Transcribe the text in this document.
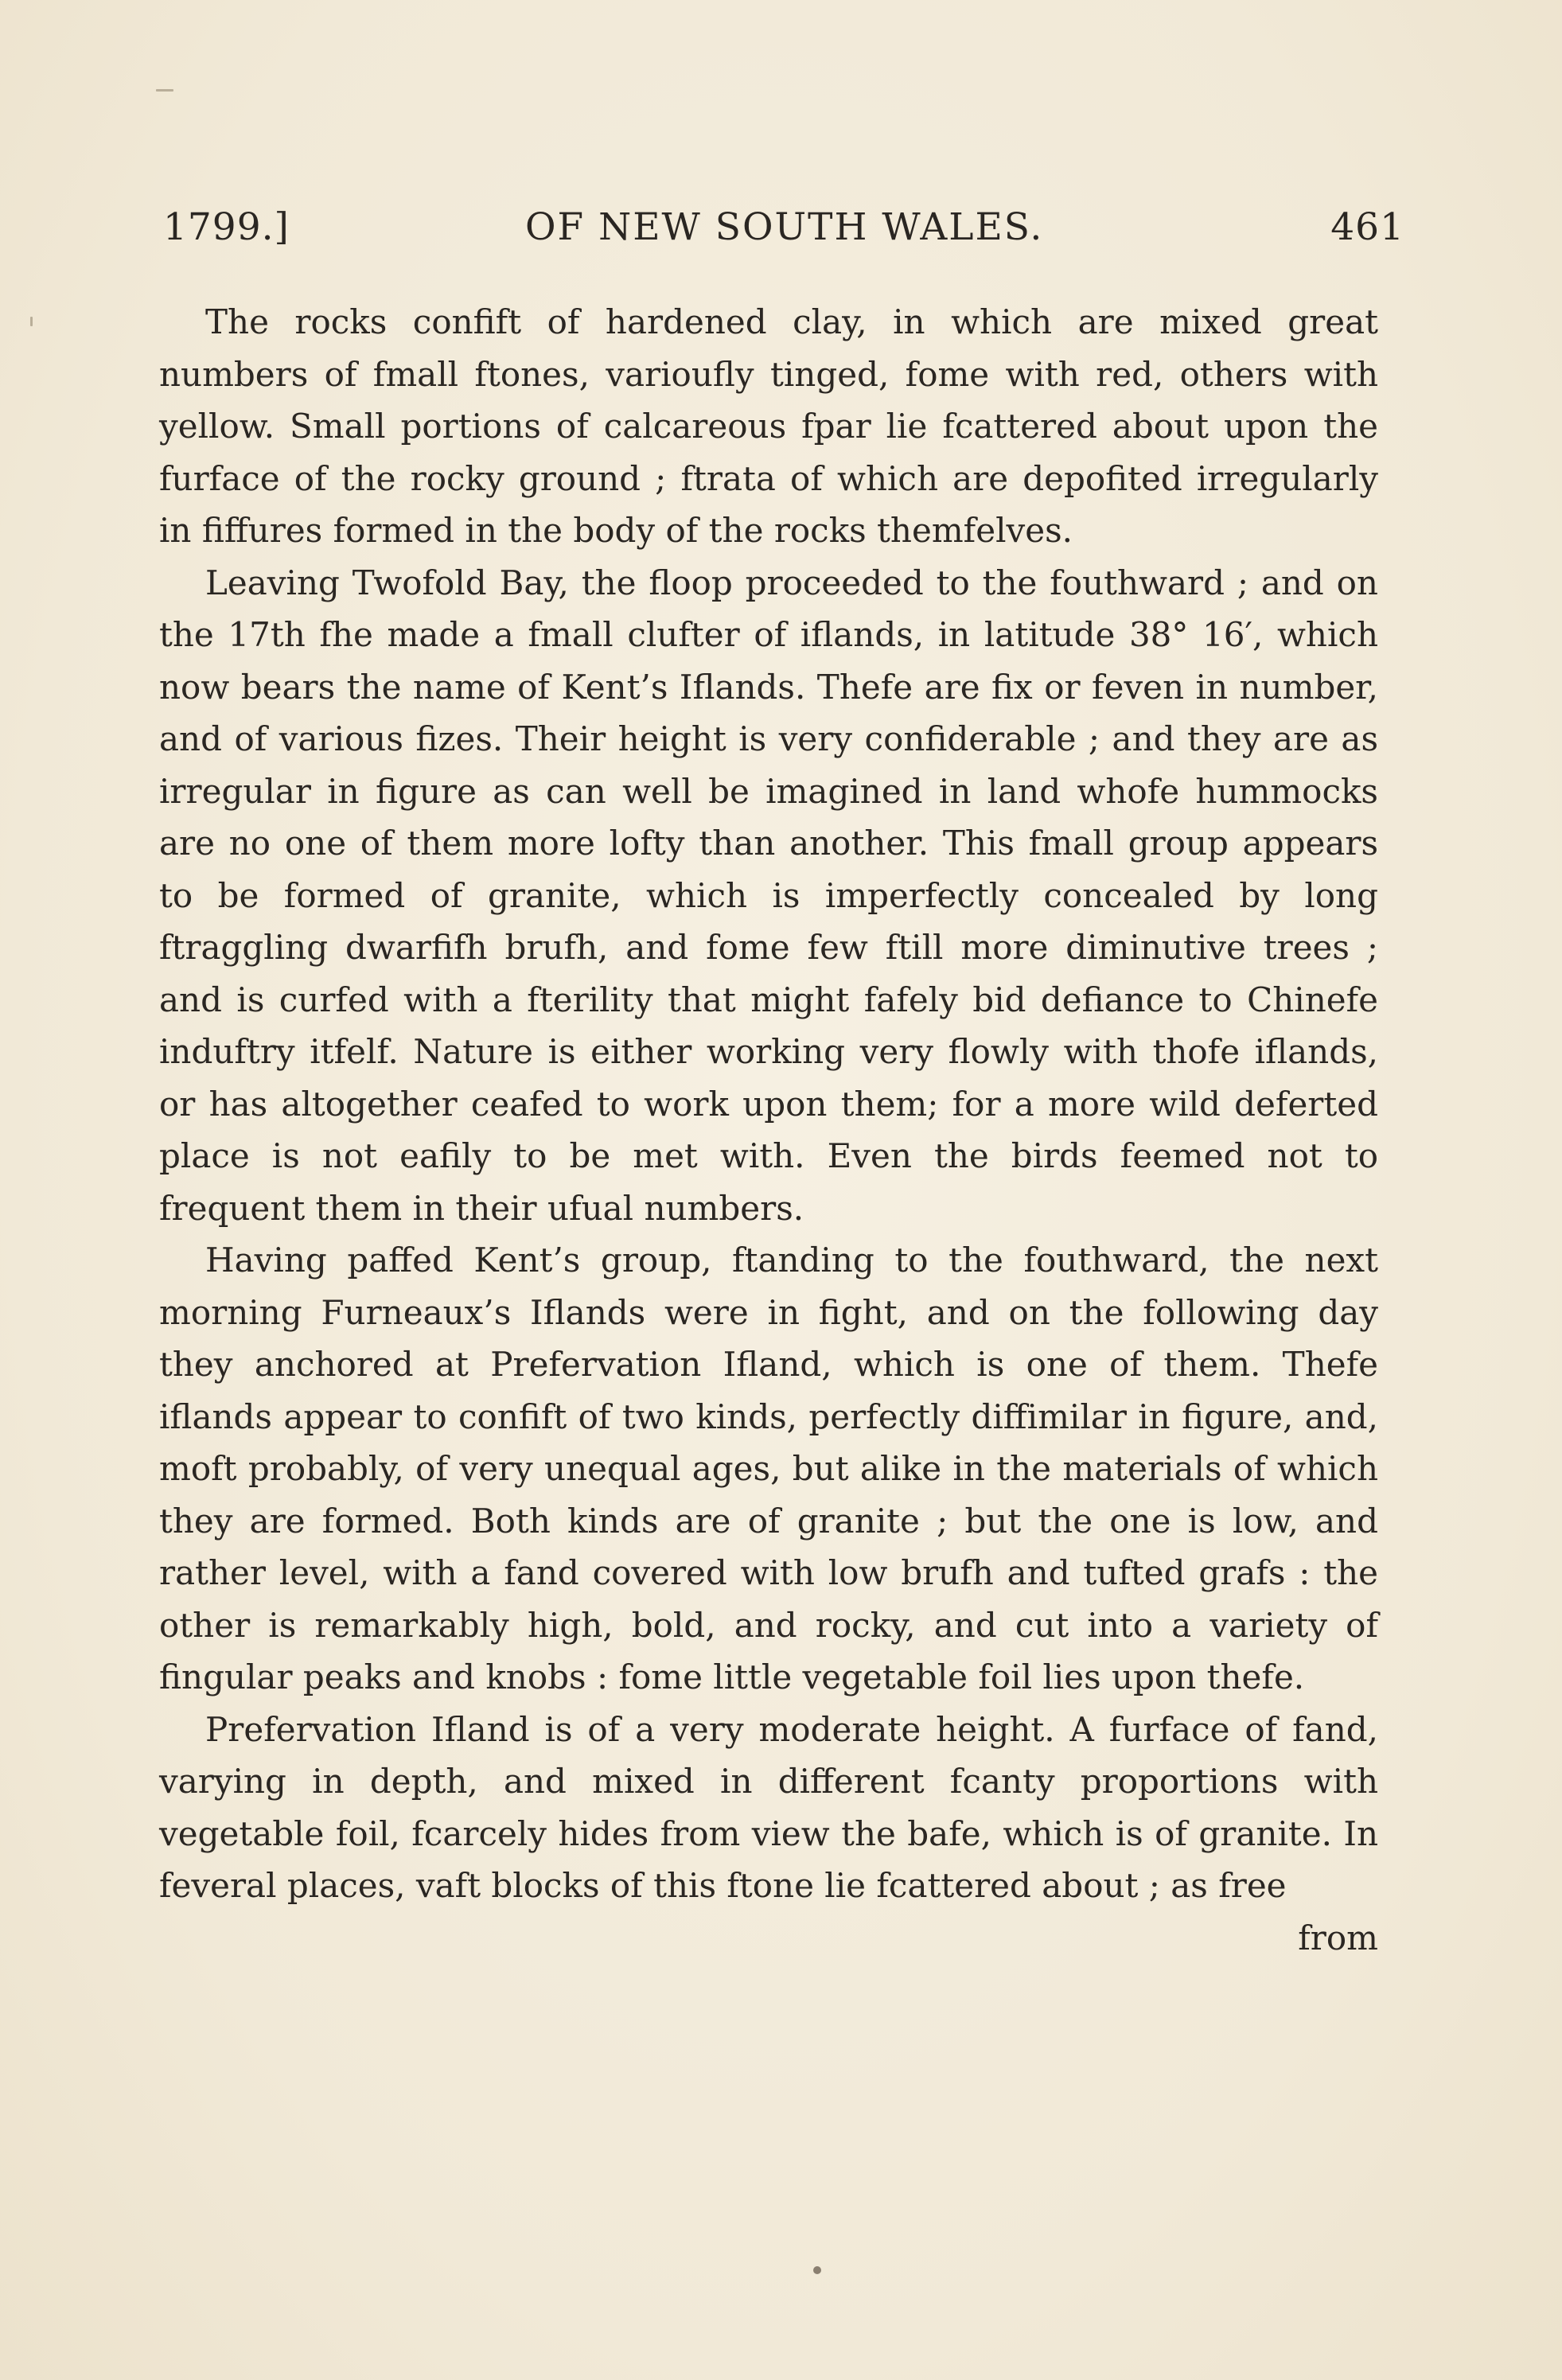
1799.]	OF NEW SOUTH WALES.	461

The rocks confift of hardened clay, in which are mixed great numbers of fmall ftones, varioufly tinged, fome with red, others with yellow. Small portions of calcareous fpar lie fcattered about upon the furface of the rocky ground ; ftrata of which are depofited irregularly in fiffures formed in the body of the rocks themfelves.

Leaving Twofold Bay, the floop proceeded to the fouthward ; and on the 17th fhe made a fmall clufter of iflands, in latitude 38° 16′, which now bears the name of Kent’s Iflands. Thefe are fix or feven in number, and of various fizes. Their height is very confiderable ; and they are as irregular in figure as can well be imagined in land whofe hummocks are no one of them more lofty than another. This fmall group appears to be formed of granite, which is imperfectly concealed by long ftraggling dwarfifh brufh, and fome few ftill more diminutive trees ; and is curfed with a fterility that might fafely bid defiance to Chinefe induftry itfelf. Nature is either working very flowly with thofe iflands, or has altogether ceafed to work upon them; for a more wild deferted place is not eafily to be met with. Even the birds feemed not to frequent them in their ufual numbers.

Having paffed Kent’s group, ftanding to the fouthward, the next morning Furneaux’s Iflands were in fight, and on the following day they anchored at Prefervation Ifland, which is one of them. Thefe iflands appear to confift of two kinds, perfectly diffimilar in figure, and, moft probably, of very unequal ages, but alike in the materials of which they are formed. Both kinds are of granite ; but the one is low, and rather level, with a fand covered with low brufh and tufted grafs : the other is remarkably high, bold, and rocky, and cut into a variety of fingular peaks and knobs : fome little vegetable foil lies upon thefe.

Prefervation Ifland is of a very moderate height. A furface of fand, varying in depth, and mixed in different fcanty proportions with vegetable foil, fcarcely hides from view the bafe, which is of granite. In feveral places, vaft blocks of this ftone lie fcattered about ; as free

from
